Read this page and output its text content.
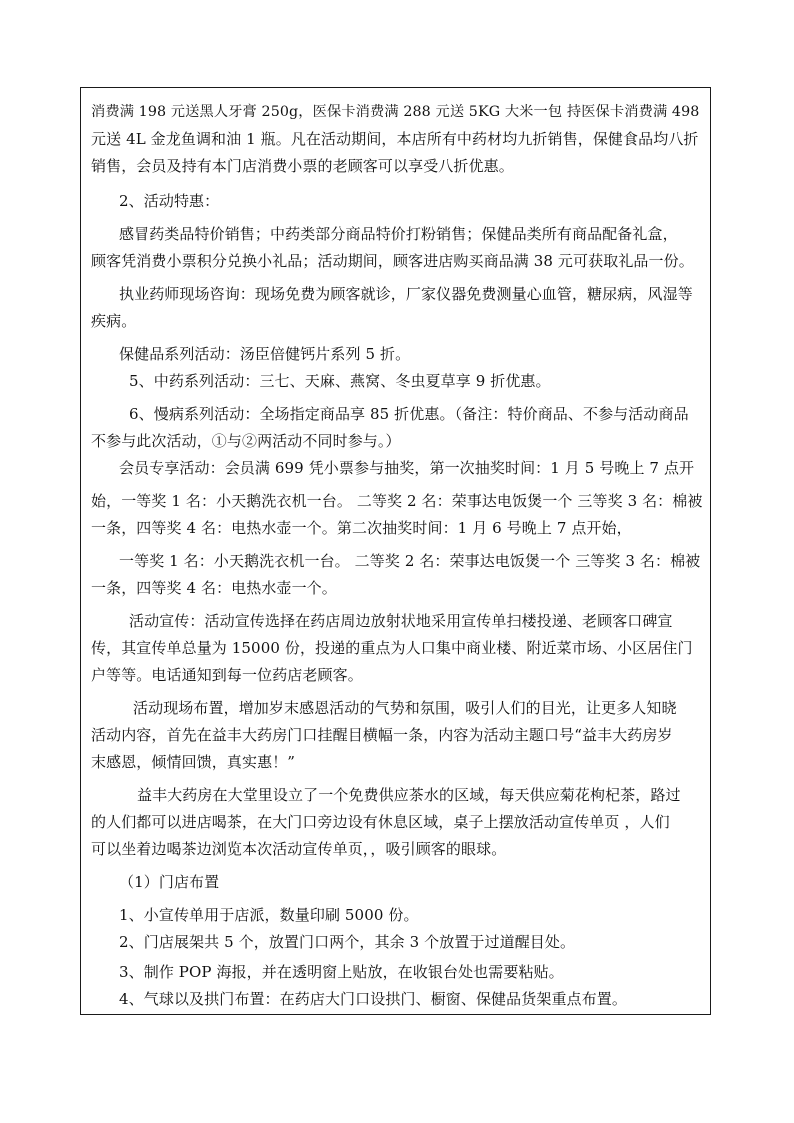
消费满 198 元送黑人牙膏 250g，医保卡消费满 288 元送 5KG 大米一包 持医保卡消费满 498
元送 4L 金龙鱼调和油 1 瓶。凡在活动期间，本店所有中药材均九折销售，保健食品均八折
销售，会员及持有本门店消费小票的老顾客可以享受八折优惠。
2、活动特惠：
感冒药类品特价销售；中药类部分商品特价打粉销售；保健品类所有商品配备礼盒，
顾客凭消费小票积分兑换小礼品；活动期间，顾客进店购买商品满 38 元可获取礼品一份。
执业药师现场咨询：现场免费为顾客就诊，厂家仪器免费测量心血管，糖尿病，风湿等
疾病。
保健品系列活动：汤臣倍健钙片系列 5 折。
5、中药系列活动：三七、天麻、燕窝、冬虫夏草享 9 折优惠。
6、慢病系列活动：全场指定商品享 85 折优惠。（备注：特价商品、不参与活动商品
不参与此次活动，①与②两活动不同时参与。）
会员专享活动：会员满 699 凭小票参与抽奖，第一次抽奖时间：1 月 5 号晚上 7 点开
始，一等奖 1 名：小天鹅洗衣机一台。 二等奖 2 名：荣事达电饭煲一个 三等奖 3 名：棉被
一条，四等奖 4 名：电热水壶一个。第二次抽奖时间：1 月 6 号晚上 7 点开始，
一等奖 1 名：小天鹅洗衣机一台。 二等奖 2 名：荣事达电饭煲一个 三等奖 3 名：棉被
一条，四等奖 4 名：电热水壶一个。
活动宣传：活动宣传选择在药店周边放射状地采用宣传单扫楼投递、老顾客口碑宣
传，其宣传单总量为 15000 份，投递的重点为人口集中商业楼、附近菜市场、小区居住门
户等等。电话通知到每一位药店老顾客。
活动现场布置，增加岁末感恩活动的气势和氛围，吸引人们的目光，让更多人知晓
活动内容，首先在益丰大药房门口挂醒目横幅一条，内容为活动主题口号“益丰大药房岁
末感恩，倾情回馈，真实惠！”
益丰大药房在大堂里设立了一个免费供应茶水的区域，每天供应菊花枸杞茶，路过
的人们都可以进店喝茶，在大门口旁边设有休息区域，桌子上摆放活动宣传单页 ，人们
可以坐着边喝茶边浏览本次活动宣传单页，，吸引顾客的眼球。
（1）门店布置
1、小宣传单用于店派，数量印刷 5000 份。
2、门店展架共 5 个，放置门口两个，其余 3 个放置于过道醒目处。
3、制作 POP 海报，并在透明窗上贴放，在收银台处也需要粘贴。
4、气球以及拱门布置：在药店大门口设拱门、橱窗、保健品货架重点布置。
